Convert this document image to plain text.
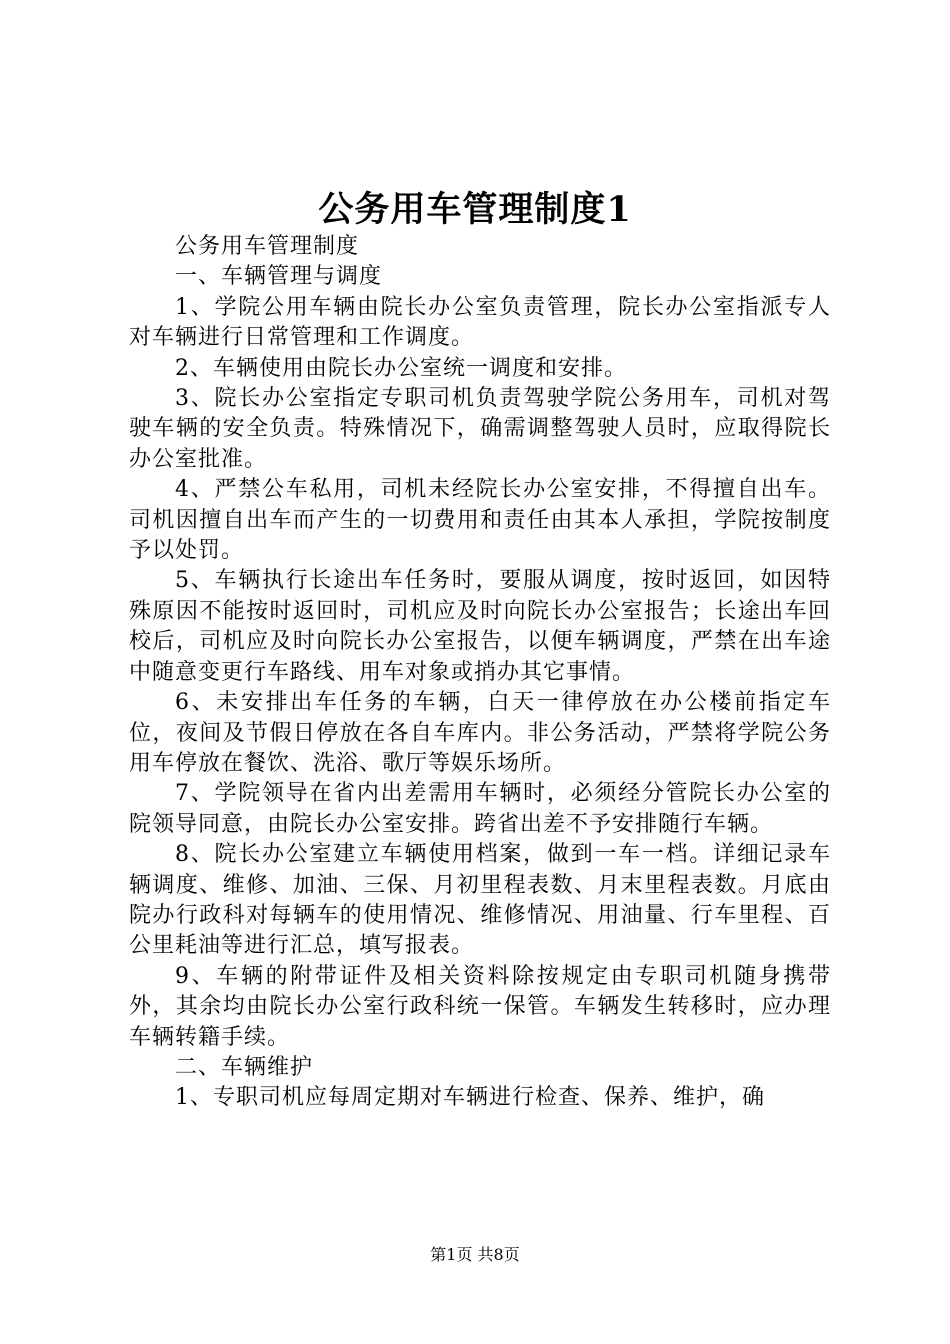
公务用车管理制度1

公务用车管理制度

一、车辆管理与调度

1、学院公用车辆由院长办公室负责管理，院长办公室指派专人对车辆进行日常管理和工作调度。

2、车辆使用由院长办公室统一调度和安排。

3、院长办公室指定专职司机负责驾驶学院公务用车，司机对驾驶车辆的安全负责。特殊情况下，确需调整驾驶人员时，应取得院长办公室批准。

4、严禁公车私用，司机未经院长办公室安排，不得擅自出车。司机因擅自出车而产生的一切费用和责任由其本人承担，学院按制度予以处罚。

5、车辆执行长途出车任务时，要服从调度，按时返回，如因特殊原因不能按时返回时，司机应及时向院长办公室报告；长途出车回校后，司机应及时向院长办公室报告，以便车辆调度，严禁在出车途中随意变更行车路线、用车对象或捎办其它事情。

6、未安排出车任务的车辆，白天一律停放在办公楼前指定车位，夜间及节假日停放在各自车库内。非公务活动，严禁将学院公务用车停放在餐饮、洗浴、歌厅等娱乐场所。

7、学院领导在省内出差需用车辆时，必须经分管院长办公室的院领导同意，由院长办公室安排。跨省出差不予安排随行车辆。

8、院长办公室建立车辆使用档案，做到一车一档。详细记录车辆调度、维修、加油、三保、月初里程表数、月末里程表数。月底由院办行政科对每辆车的使用情况、维修情况、用油量、行车里程、百公里耗油等进行汇总，填写报表。

9、车辆的附带证件及相关资料除按规定由专职司机随身携带外，其余均由院长办公室行政科统一保管。车辆发生转移时，应办理车辆转籍手续。

二、车辆维护

1、专职司机应每周定期对车辆进行检查、保养、维护，确

第1页 共8页
